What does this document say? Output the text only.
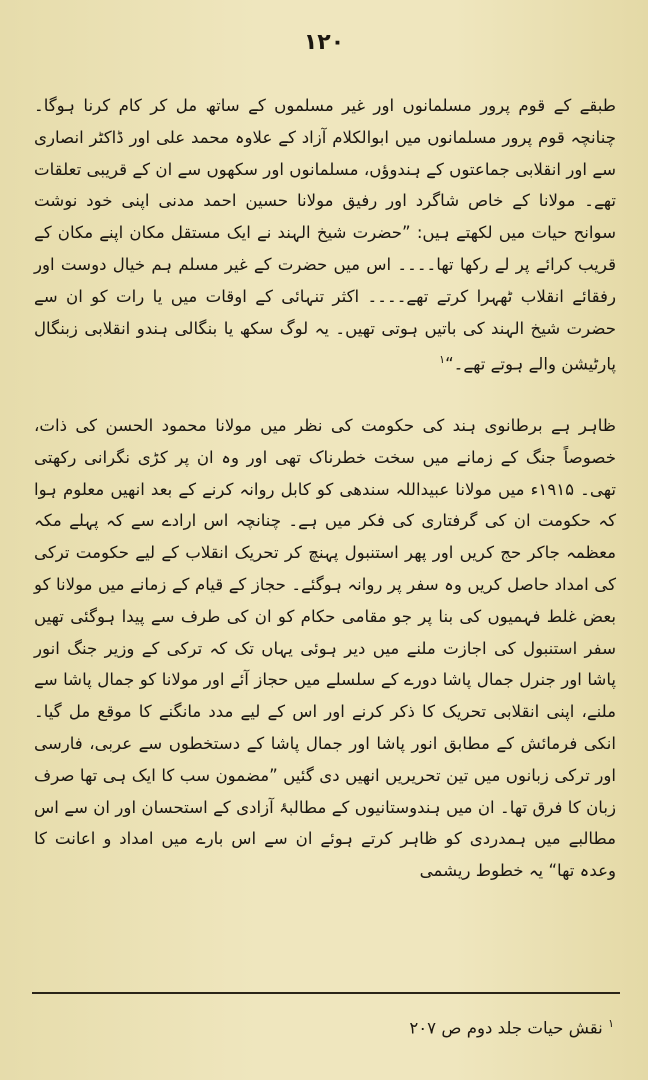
۱۲۰

طبقے کے قوم پرور مسلمانوں اور غیر مسلموں کے ساتھ مل کر کام کرنا ہوگا۔ چنانچہ قوم پرور مسلمانوں میں ابوالکلام آزاد کے علاوہ محمد علی اور ڈاکٹر انصاری سے اور انقلابی جماعتوں کے ہندوؤں، مسلمانوں اور سکھوں سے ان کے قریبی تعلقات تھے۔ مولانا کے خاص شاگرد اور رفیق مولانا حسین احمد مدنی اپنی خود نوشت سوانح حیات میں لکھتے ہیں: ”حضرت شیخ الہند نے ایک مستقل مکان اپنے مکان کے قریب کرائے پر لے رکھا تھا۔۔۔۔ اس میں حضرت کے غیر مسلم ہم خیال دوست اور رفقائے انقلاب ٹھہرا کرتے تھے۔۔۔۔ اکثر تنہائی کے اوقات میں یا رات کو ان سے حضرت شیخ الہند کی باتیں ہوتی تھیں۔ یہ لوگ سکھ یا بنگالی ہندو انقلابی زبنگال پارٹیشن والے ہوتے تھے۔“$^۱$

ظاہر ہے برطانوی ہند کی حکومت کی نظر میں مولانا محمود الحسن کی ذات، خصوصاً جنگ کے زمانے میں سخت خطرناک تھی اور وہ ان پر کڑی نگرانی رکھتی تھی۔ ۱۹۱۵ء میں مولانا عبیداللہ سندھی کو کابل روانہ کرنے کے بعد انھیں معلوم ہوا کہ حکومت ان کی گرفتاری کی فکر میں ہے۔ چنانچہ اس ارادے سے کہ پہلے مکہ معظمہ جاکر حج کریں اور پھر استنبول پہنچ کر تحریک انقلاب کے لیے حکومت ترکی کی امداد حاصل کریں وہ سفر پر روانہ ہوگئے۔ حجاز کے قیام کے زمانے میں مولانا کو بعض غلط فہمیوں کی بنا پر جو مقامی حکام کو ان کی طرف سے پیدا ہوگئی تھیں سفر استنبول کی اجازت ملنے میں دیر ہوئی یہاں تک کہ ترکی کے وزیر جنگ انور پاشا اور جنرل جمال پاشا دورے کے سلسلے میں حجاز آئے اور مولانا کو جمال پاشا سے ملنے، اپنی انقلابی تحریک کا ذکر کرنے اور اس کے لیے مدد مانگنے کا موقع مل گیا۔ انکی فرمائش کے مطابق انور پاشا اور جمال پاشا کے دستخطوں سے عربی، فارسی اور ترکی زبانوں میں تین تحریریں انھیں دی گئیں ”مضمون سب کا ایک ہی تھا صرف زبان کا فرق تھا۔ ان میں ہندوستانیوں کے مطالبۂ آزادی کے استحسان اور ان سے اس مطالبے میں ہمدردی کو ظاہر کرتے ہوئے ان سے اس بارے میں امداد و اعانت کا وعدہ تھا“ یہ خطوط ریشمی

$^۱$ نقش حیات جلد دوم ص ۲۰۷
